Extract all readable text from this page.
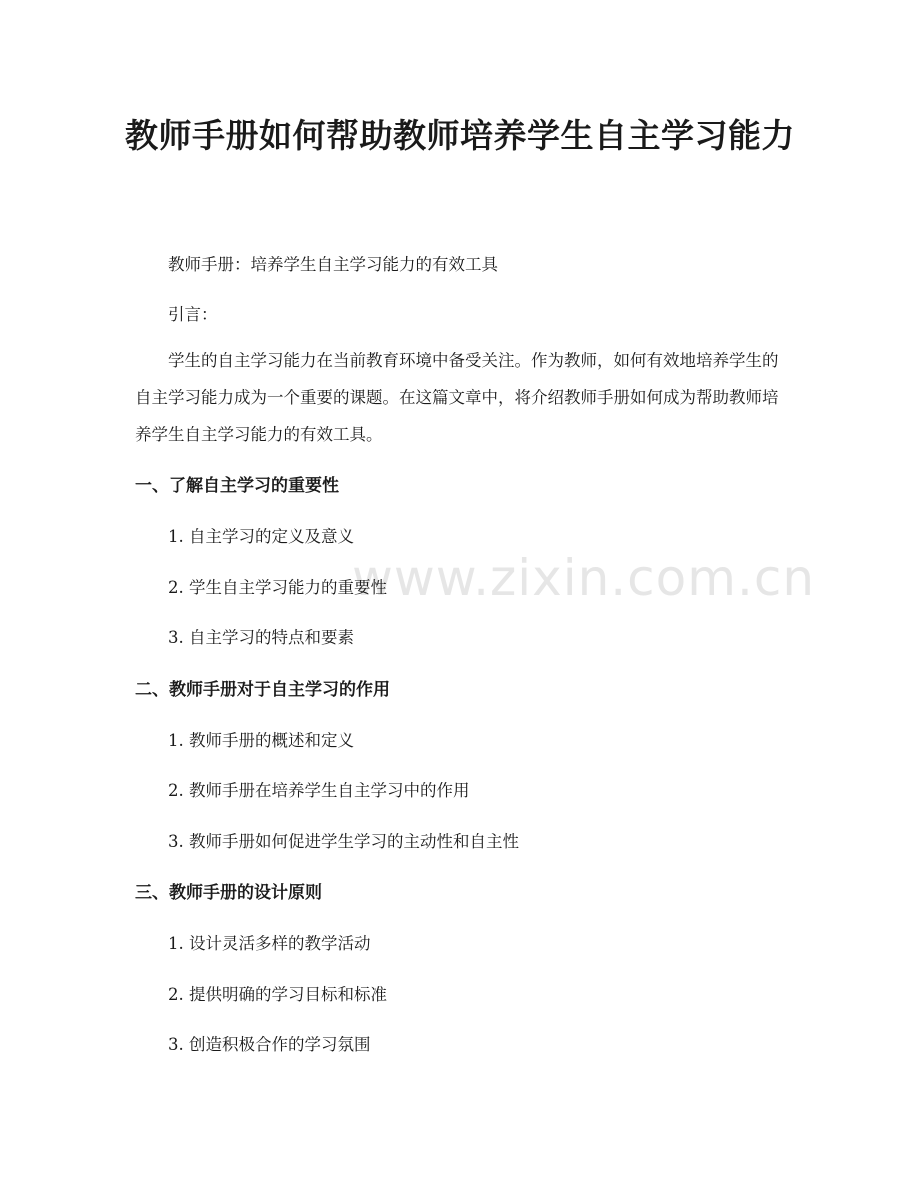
www.zixin.com.cn
教师手册如何帮助教师培养学生自主学习能力

教师手册：培养学生自主学习能力的有效工具

引言：

学生的自主学习能力在当前教育环境中备受关注。作为教师，如何有效地培养学生的自主学习能力成为一个重要的课题。在这篇文章中，将介绍教师手册如何成为帮助教师培养学生自主学习能力的有效工具。

一、了解自主学习的重要性

1. 自主学习的定义及意义

2. 学生自主学习能力的重要性

3. 自主学习的特点和要素

二、教师手册对于自主学习的作用

1. 教师手册的概述和定义

2. 教师手册在培养学生自主学习中的作用

3. 教师手册如何促进学生学习的主动性和自主性

三、教师手册的设计原则

1. 设计灵活多样的教学活动

2. 提供明确的学习目标和标准

3. 创造积极合作的学习氛围
